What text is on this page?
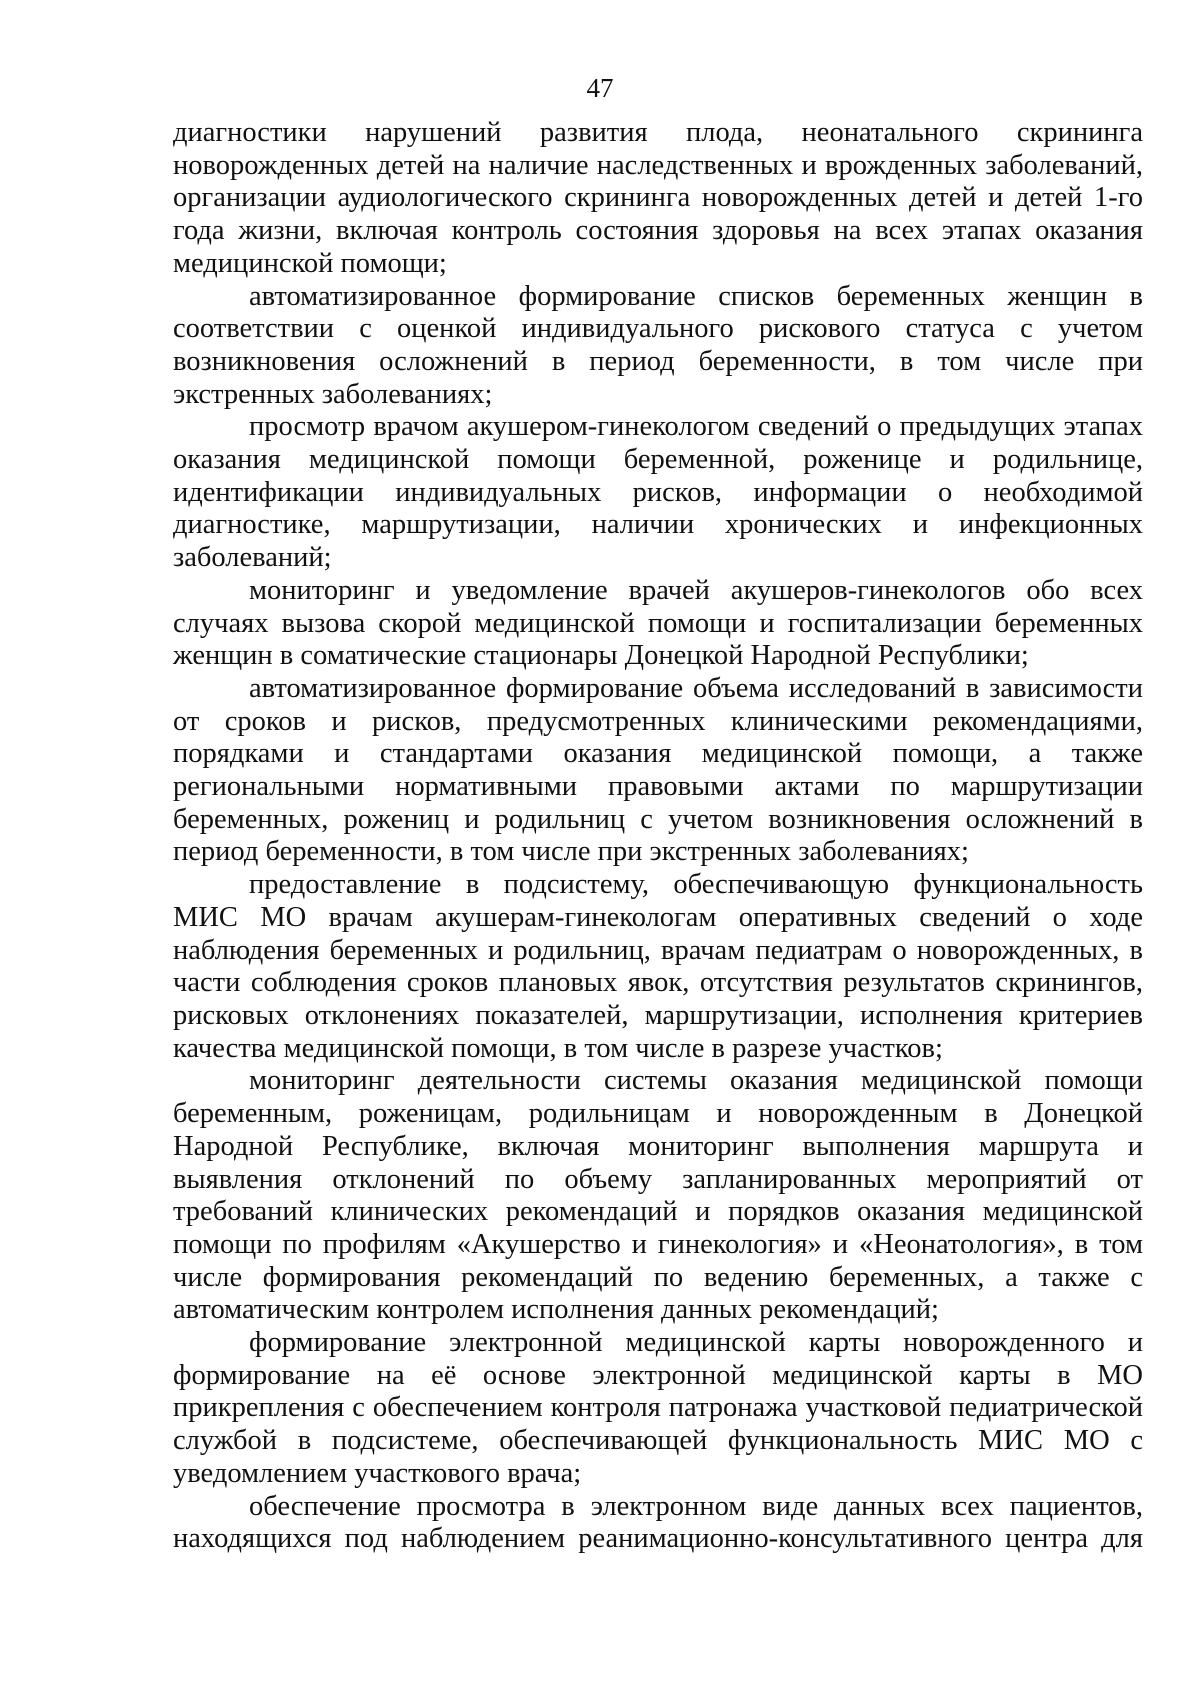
47

диагностики нарушений развития плода, неонатального скрининга новорожденных детей на наличие наследственных и врожденных заболеваний, организации аудиологического скрининга новорожденных детей и детей 1-го года жизни, включая контроль состояния здоровья на всех этапах оказания медицинской помощи;

автоматизированное формирование списков беременных женщин в соответствии с оценкой индивидуального рискового статуса с учетом возникновения осложнений в период беременности, в том числе при экстренных заболеваниях;

просмотр врачом акушером-гинекологом сведений о предыдущих этапах оказания медицинской помощи беременной, роженице и родильнице, идентификации индивидуальных рисков, информации о необходимой диагностике, маршрутизации, наличии хронических и инфекционных заболеваний;

мониторинг и уведомление врачей акушеров-гинекологов обо всех случаях вызова скорой медицинской помощи и госпитализации беременных женщин в соматические стационары Донецкой Народной Республики;

автоматизированное формирование объема исследований в зависимости от сроков и рисков, предусмотренных клиническими рекомендациями, порядками и стандартами оказания медицинской помощи, а также региональными нормативными правовыми актами по маршрутизации беременных, рожениц и родильниц с учетом возникновения осложнений в период беременности, в том числе при экстренных заболеваниях;

предоставление в подсистему, обеспечивающую функциональность МИС МО врачам акушерам-гинекологам оперативных сведений о ходе наблюдения беременных и родильниц, врачам педиатрам о новорожденных, в части соблюдения сроков плановых явок, отсутствия результатов скринингов, рисковых отклонениях показателей, маршрутизации, исполнения критериев качества медицинской помощи, в том числе в разрезе участков;

мониторинг деятельности системы оказания медицинской помощи беременным, роженицам, родильницам и новорожденным в Донецкой Народной Республике, включая мониторинг выполнения маршрута и выявления отклонений по объему запланированных мероприятий от требований клинических рекомендаций и порядков оказания медицинской помощи по профилям «Акушерство и гинекология» и «Неонатология», в том числе формирования рекомендаций по ведению беременных, а также с автоматическим контролем исполнения данных рекомендаций;

формирование электронной медицинской карты новорожденного и формирование на её основе электронной медицинской карты в МО прикрепления с обеспечением контроля патронажа участковой педиатрической службой в подсистеме, обеспечивающей функциональность МИС МО с уведомлением участкового врача;

обеспечение просмотра в электронном виде данных всех пациентов, находящихся под наблюдением реанимационно-консультативного центра для
